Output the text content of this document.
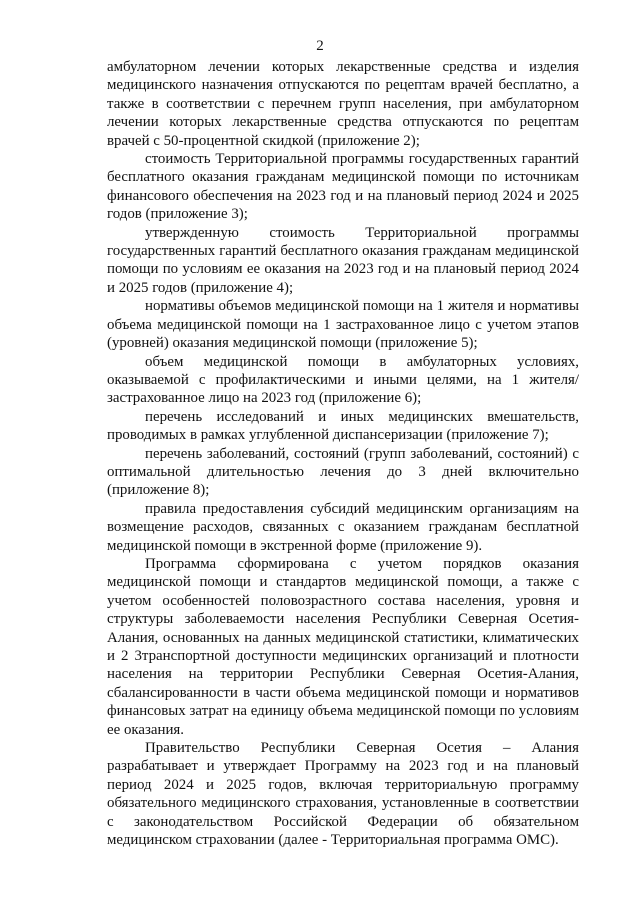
2

амбулаторном лечении которых лекарственные средства и изделия медицинского назначения отпускаются по рецептам врачей бесплатно, а также в соответствии с перечнем групп населения, при амбулаторном лечении которых лекарственные средства отпускаются по рецептам врачей с 50-процентной скидкой (приложение 2);

стоимость Территориальной программы государственных гарантий бесплатного оказания гражданам медицинской помощи по источникам финансового обеспечения на 2023 год и на плановый период 2024 и 2025 годов (приложение 3);

утвержденную стоимость Территориальной программы государственных гарантий бесплатного оказания гражданам медицинской помощи по условиям ее оказания на 2023 год и на плановый период 2024 и 2025 годов (приложение 4);

нормативы объемов медицинской помощи на 1 жителя и нормативы объема медицинской помощи на 1 застрахованное лицо с учетом этапов (уровней) оказания медицинской помощи (приложение 5);

объем медицинской помощи в амбулаторных условиях, оказываемой с профилактическими и иными целями, на 1 жителя/застрахованное лицо на 2023 год (приложение 6);

перечень исследований и иных медицинских вмешательств, проводимых в рамках углубленной диспансеризации (приложение 7);

перечень заболеваний, состояний (групп заболеваний, состояний) с оптимальной длительностью лечения до 3 дней включительно (приложение 8);

правила предоставления субсидий медицинским организациям на возмещение расходов, связанных с оказанием гражданам бесплатной медицинской помощи в экстренной форме (приложение 9).

Программа сформирована с учетом порядков оказания медицинской помощи и стандартов медицинской помощи, а также с учетом особенностей половозрастного состава населения, уровня и структуры заболеваемости населения Республики Северная Осетия-Алания, основанных на данных медицинской статистики, климатических и 2 3транспортной доступности медицинских организаций и плотности населения на территории Республики Северная Осетия-Алания, сбалансированности в части объема медицинской помощи и нормативов финансовых затрат на единицу объема медицинской помощи по условиям ее оказания.

Правительство Республики Северная Осетия – Алания разрабатывает и утверждает Программу на 2023 год и на плановый период 2024 и 2025 годов, включая территориальную программу обязательного медицинского страхования, установленные в соответствии с законодательством Российской Федерации об обязательном медицинском страховании (далее - Территориальная программа ОМС).
